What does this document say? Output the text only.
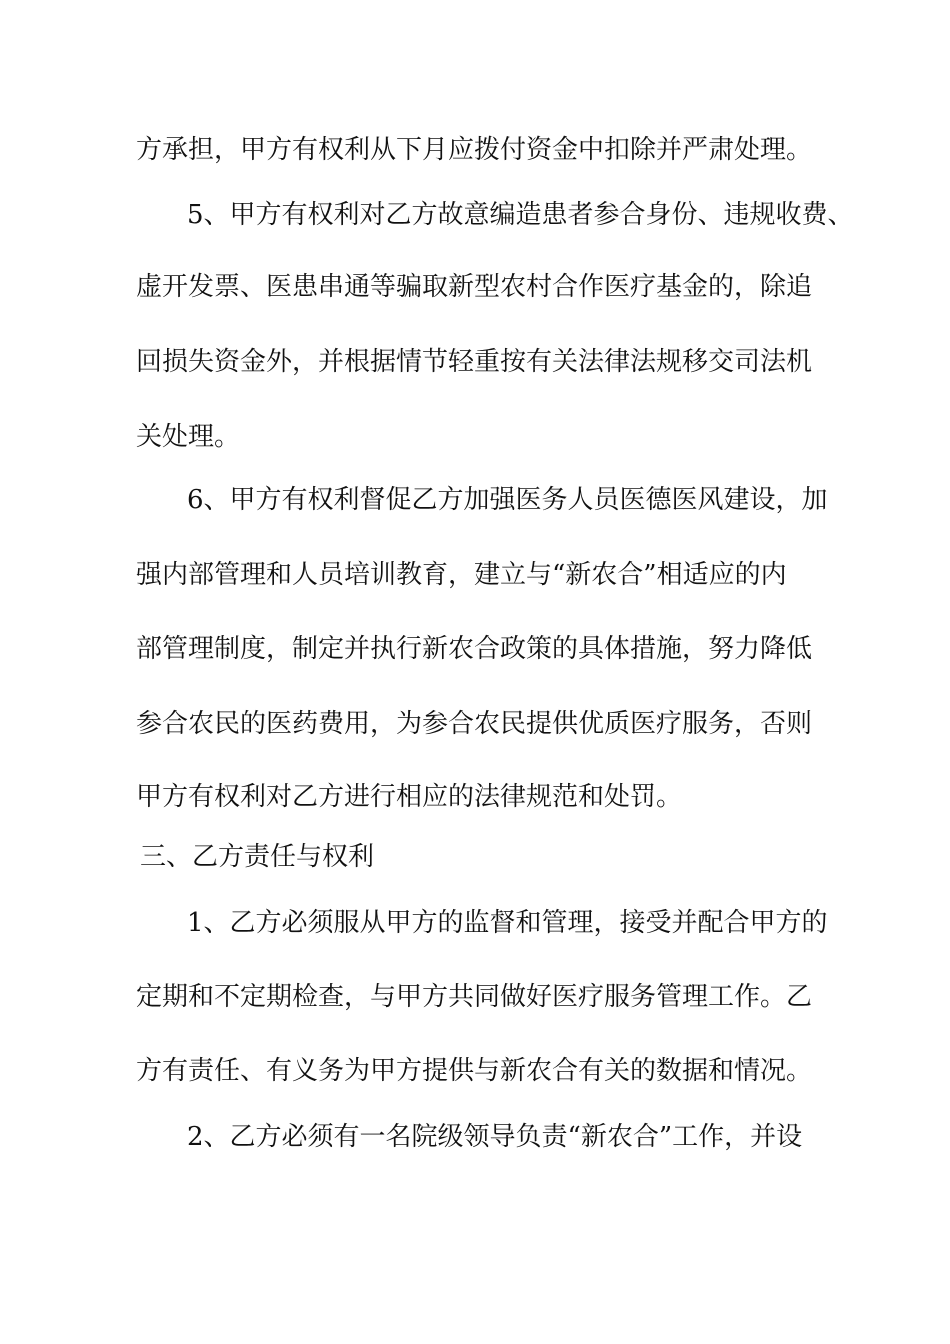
方承担，甲方有权利从下月应拨付资金中扣除并严肃处理。

5、甲方有权利对乙方故意编造患者参合身份、违规收费、

虚开发票、医患串通等骗取新型农村合作医疗基金的，除追

回损失资金外，并根据情节轻重按有关法律法规移交司法机

关处理。

6、甲方有权利督促乙方加强医务人员医德医风建设，加

强内部管理和人员培训教育，建立与“新农合”相适应的内

部管理制度，制定并执行新农合政策的具体措施，努力降低

参合农民的医药费用，为参合农民提供优质医疗服务，否则

甲方有权利对乙方进行相应的法律规范和处罚。

三、乙方责任与权利

1、乙方必须服从甲方的监督和管理，接受并配合甲方的

定期和不定期检查，与甲方共同做好医疗服务管理工作。乙

方有责任、有义务为甲方提供与新农合有关的数据和情况。

2、乙方必须有一名院级领导负责“新农合”工作，并设
